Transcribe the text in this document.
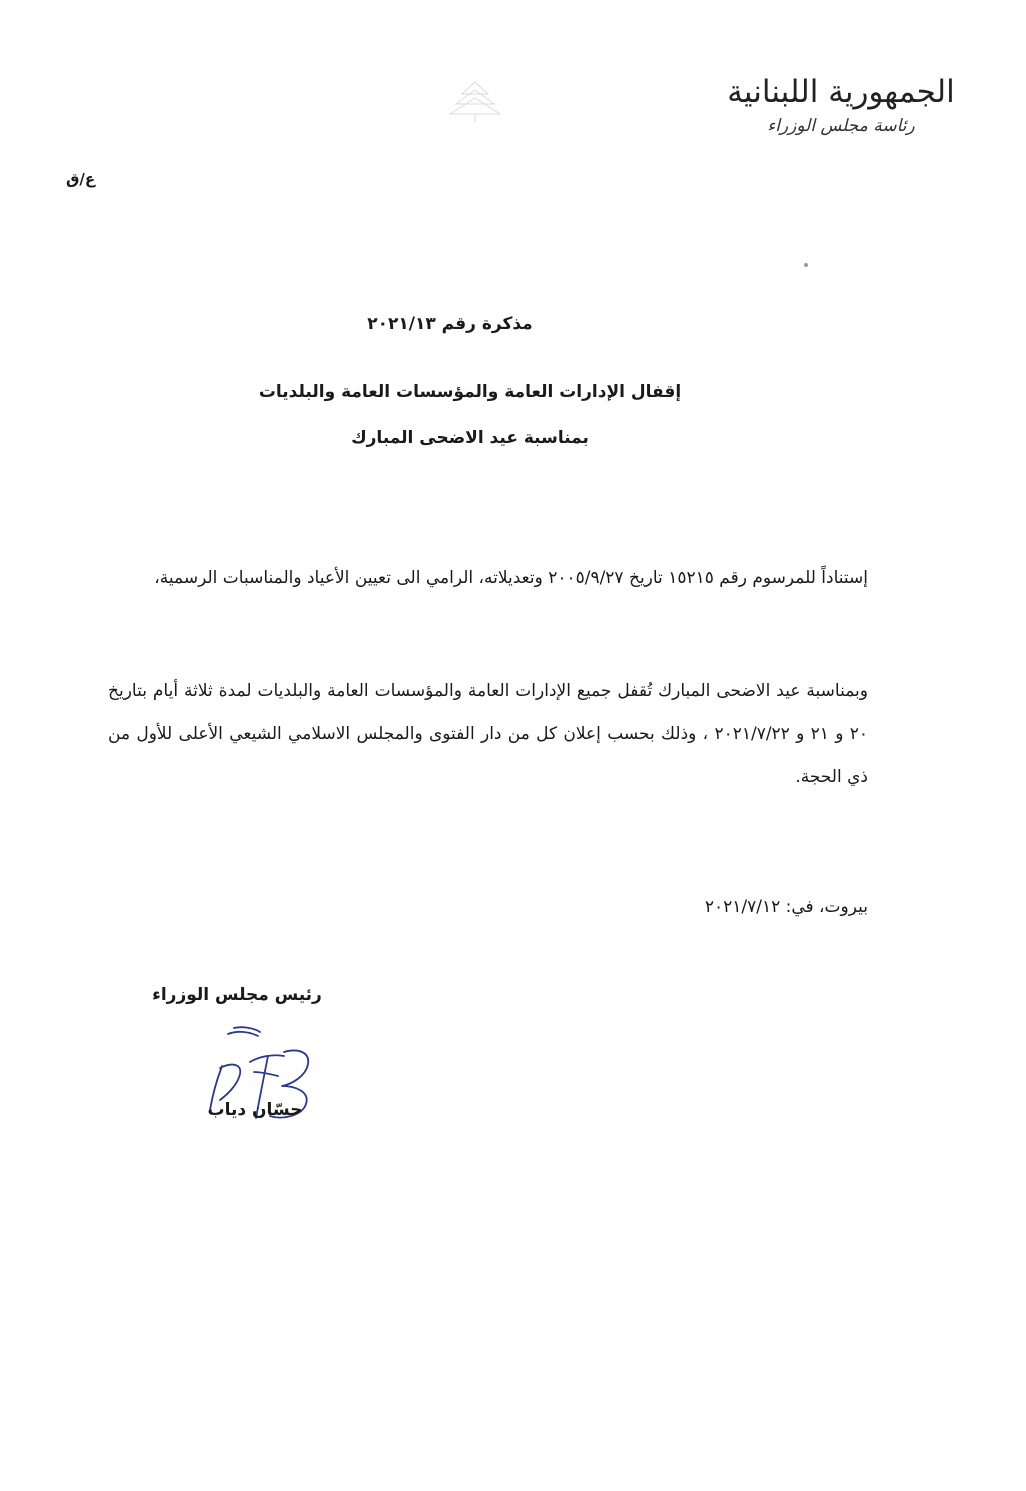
الجمهورية اللبنانية
رئاسة مجلس الوزراء
ع/ق
مذكرة رقم ٢٠٢١/١٣
إقفال الإدارات العامة والمؤسسات العامة والبلديات
بمناسبة عيد الاضحى المبارك
إستناداً للمرسوم رقم ١٥٢١٥ تاريخ ٢٠٠٥/٩/٢٧ وتعديلاته، الرامي الى تعيين الأعياد والمناسبات الرسمية،
وبمناسبة عيد الاضحى المبارك تُقفل جميع الإدارات العامة والمؤسسات العامة والبلديات لمدة ثلاثة أيام بتاريخ ٢٠ و ٢١ و ٢٠٢١/٧/٢٢ ، وذلك بحسب إعلان كل من دار الفتوى والمجلس الاسلامي الشيعي الأعلى للأول من ذي الحجة.
بيروت، في: ٢٠٢١/٧/١٢
رئيس مجلس الوزراء
حسّان دياب
